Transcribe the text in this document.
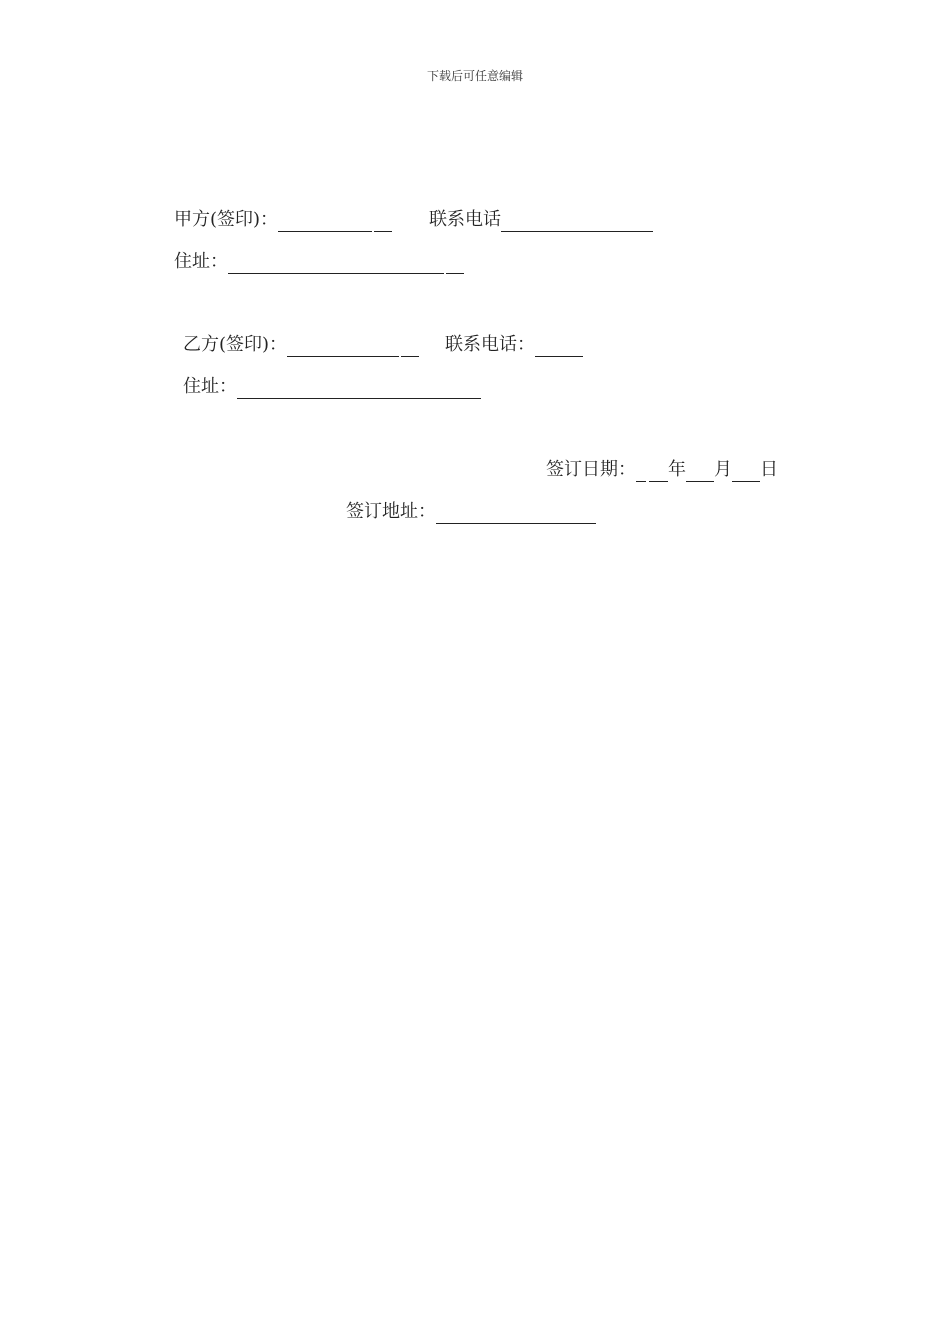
下载后可任意编辑
甲方(签印)：	联系电话
住址：
乙方(签印)：	联系电话：
住址：
签订日期： 年 月 日
签订地址：
